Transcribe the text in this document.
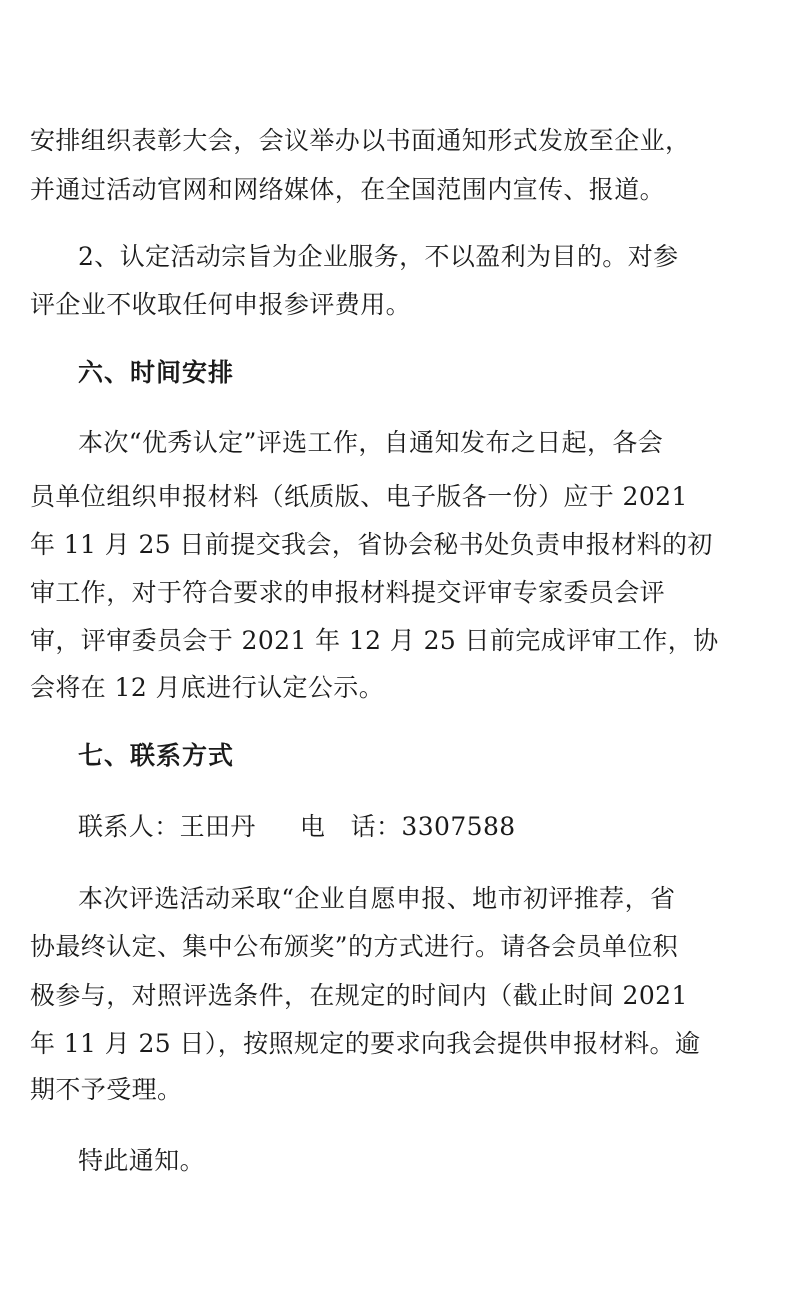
安排组织表彰大会，会议举办以书面通知形式发放至企业，
并通过活动官网和网络媒体，在全国范围内宣传、报道。
2、认定活动宗旨为企业服务，不以盈利为目的。对参
评企业不收取任何申报参评费用。
六、时间安排
本次“优秀认定”评选工作，自通知发布之日起，各会
员单位组织申报材料（纸质版、电子版各一份）应于 2021
年 11 月 25 日前提交我会，省协会秘书处负责申报材料的初
审工作，对于符合要求的申报材料提交评审专家委员会评
审，评审委员会于 2021 年 12 月 25 日前完成评审工作，协
会将在 12 月底进行认定公示。
七、联系方式
联系人：王田丹 电　话：3307588
本次评选活动采取“企业自愿申报、地市初评推荐，省
协最终认定、集中公布颁奖”的方式进行。请各会员单位积
极参与，对照评选条件，在规定的时间内（截止时间 2021
年 11 月 25 日），按照规定的要求向我会提供申报材料。逾
期不予受理。
特此通知。
